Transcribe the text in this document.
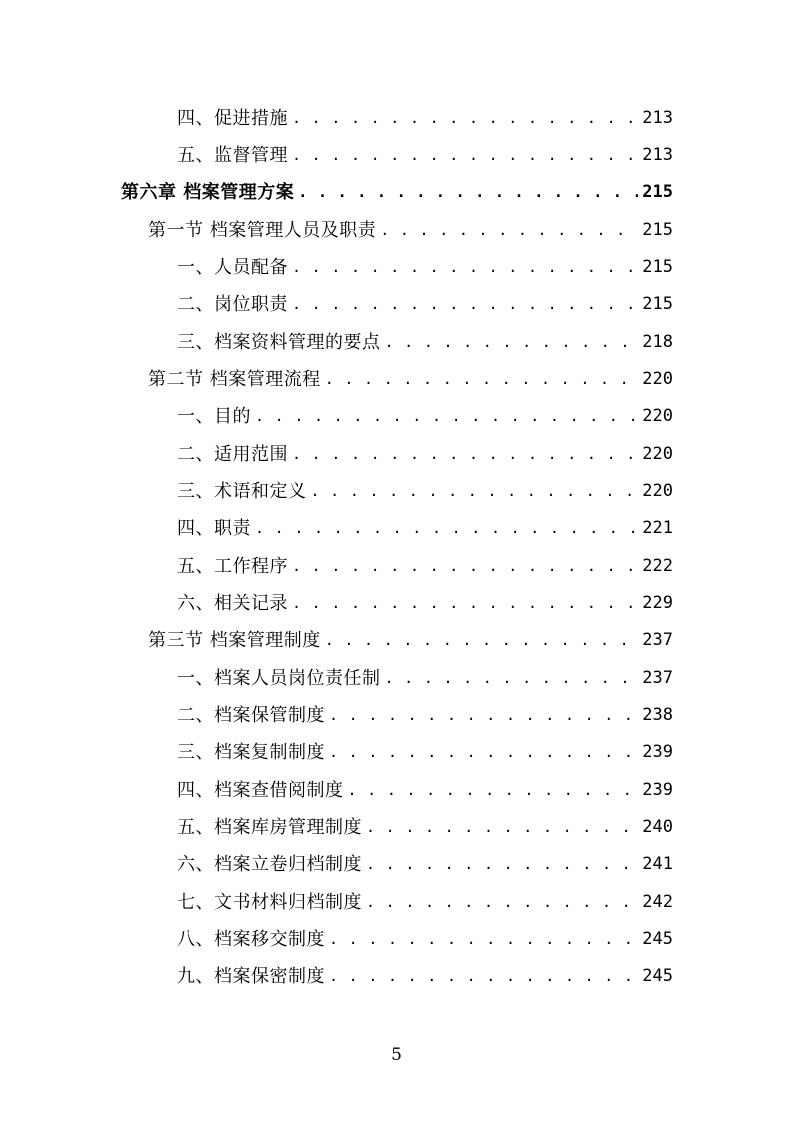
四、促进措施 . . .	213
五、监督管理 . . .	213
第六章 档案管理方案 . . .	215
第一节 档案管理人员及职责 . . .	215
一、人员配备 . . .	215
二、岗位职责 . . .	215
三、档案资料管理的要点 . . .	218
第二节 档案管理流程 . . .	220
一、目的 . . .	220
二、适用范围 . . .	220
三、术语和定义 . . .	220
四、职责 . . .	221
五、工作程序 . . .	222
六、相关记录 . . .	229
第三节 档案管理制度 . . .	237
一、档案人员岗位责任制 . . .	237
二、档案保管制度 . . .	238
三、档案复制制度 . . .	239
四、档案查借阅制度 . . .	239
五、档案库房管理制度 . . .	240
六、档案立卷归档制度 . . .	241
七、文书材料归档制度 . . .	242
八、档案移交制度 . . .	245
九、档案保密制度 . . .	245
5
